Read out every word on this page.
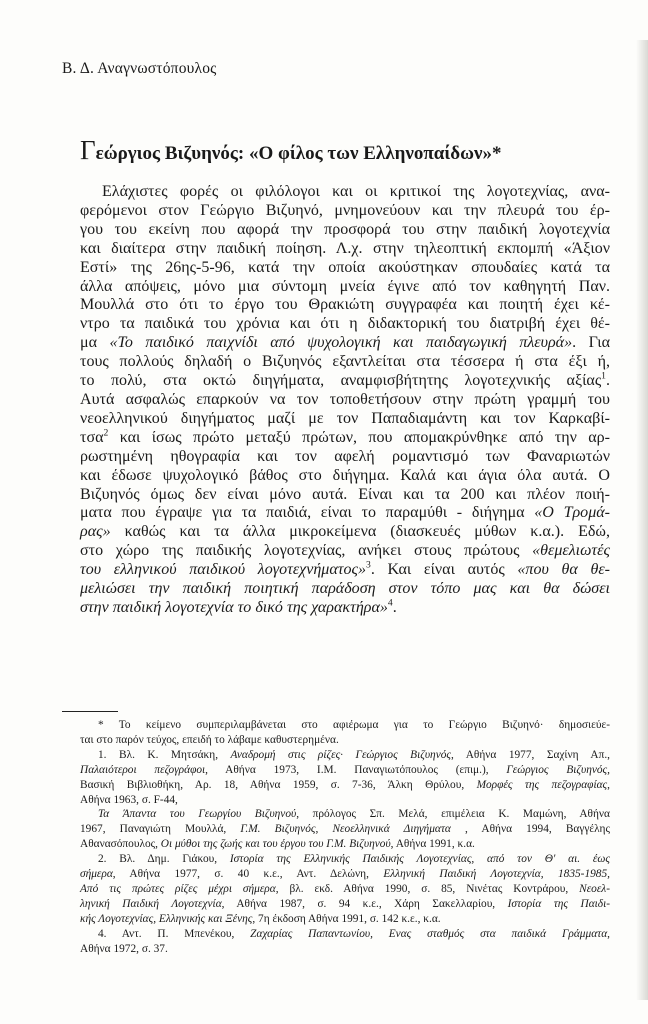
Β. Δ. Αναγνωστόπουλος
Γεώργιος Βιζυηνός: «Ο φίλος των Ελληνοπαίδων»*
Ελάχιστες φορές οι φιλόλογοι και οι κριτικοί της λογοτεχνίας, ανα-
φερόμενοι στον Γεώργιο Βιζυηνό, μνημονεύουν και την πλευρά του έρ-
γου του εκείνη που αφορά την προσφορά του στην παιδική λογοτεχνία
και διαίτερα στην παιδική ποίηση. Λ.χ. στην τηλεοπτική εκπομπή «Άξιον
Εστί» της 26ης-5-96, κατά την οποία ακούστηκαν σπουδαίες κατά τα
άλλα απόψεις, μόνο μια σύντομη μνεία έγινε από τον καθηγητή Παν.
Μουλλά στο ότι το έργο του Θρακιώτη συγγραφέα και ποιητή έχει κέ-
ντρο τα παιδικά του χρόνια και ότι η διδακτορική του διατριβή έχει θέ-
μα «Το παιδικό παιχνίδι από ψυχολογική και παιδαγωγική πλευρά». Για
τους πολλούς δηλαδή ο Βιζυηνός εξαντλείται στα τέσσερα ή στα έξι ή,
το πολύ, στα οκτώ διηγήματα, αναμφισβήτητης λογοτεχνικής αξίας$^1$.
Αυτά ασφαλώς επαρκούν να τον τοποθετήσουν στην πρώτη γραμμή του
νεοελληνικού διηγήματος μαζί με τον Παπαδιαμάντη και τον Καρκαβί-
τσα$^2$ και ίσως πρώτο μεταξύ πρώτων, που απομακρύνθηκε από την αρ-
ρωστημένη ηθογραφία και τον αφελή ρομαντισμό των Φαναριωτών
και έδωσε ψυχολογικό βάθος στο διήγημα. Καλά και άγια όλα αυτά. Ο
Βιζυηνός όμως δεν είναι μόνο αυτά. Είναι και τα 200 και πλέον ποιή-
ματα που έγραψε για τα παιδιά, είναι το παραμύθι - διήγημα «Ο Τρομά-
ρας» καθώς και τα άλλα μικροκείμενα (διασκευές μύθων κ.α.). Εδώ,
στο χώρο της παιδικής λογοτεχνίας, ανήκει στους πρώτους «θεμελιωτές
του ελληνικού παιδικού λογοτεχνήματος»$^3$. Και είναι αυτός «που θα θε-
μελιώσει την παιδική ποιητική παράδοση στον τόπο μας και θα δώσει
στην παιδική λογοτεχνία το δικό της χαρακτήρα»$^4$.
* Το κείμενο συμπεριλαμβάνεται στο αφιέρωμα για το Γεώργιο Βιζυηνό· δημοσιεύε-
ται στο παρόν τεύχος, επειδή το λάβαμε καθυστερημένα.
1. Βλ. Κ. Μητσάκη, Αναδρομή στις ρίζες· Γεώργιος Βιζυηνός, Αθήνα 1977, Σαχίνη Απ.,
Παλαιότεροι πεζογράφοι, Αθήνα 1973, Ι.Μ. Παναγιωτόπουλος (επιμ.), Γεώργιος Βιζυηνός,
Βασική Βιβλιοθήκη, Αρ. 18, Αθήνα 1959, σ. 7-36, Άλκη Θρύλου, Μορφές της πεζογραφίας,
Αθήνα 1963, σ. F-44,
Τα Άπαντα του Γεωργίου Βιζυηνού, πρόλογος Σπ. Μελά, επιμέλεια Κ. Μαμώνη, Αθήνα
1967, Παναγιώτη Μουλλά, Γ.Μ. Βιζυηνός, Νεοελληνικά Διηγήματα , Αθήνα 1994, Βαγγέλης
Αθανασόπουλος, Οι μύθοι της ζωής και του έργου του Γ.Μ. Βιζυηνού, Αθήνα 1991, κ.α.
2. Βλ. Δημ. Γιάκου, Ιστορία της Ελληνικής Παιδικής Λογοτεχνίας, από τον Θ' αι. έως
σήμερα, Αθήνα 1977, σ. 40 κ.ε., Αντ. Δελώνη, Ελληνική Παιδική Λογοτεχνία, 1835-1985,
Από τις πρώτες ρίζες μέχρι σήμερα, βλ. εκδ. Αθήνα 1990, σ. 85, Νινέτας Κοντράρου, Νεοελ-
ληνική Παιδική Λογοτεχνία, Αθήνα 1987, σ. 94 κ.ε., Χάρη Σακελλαρίου, Ιστορία της Παιδι-
κής Λογοτεχνίας, Ελληνικής και Ξένης, 7η έκδοση Αθήνα 1991, σ. 142 κ.ε., κ.α.
4. Αντ. Π. Μπενέκου, Ζαχαρίας Παπαντωνίου, Ενας σταθμός στα παιδικά Γράμματα,
Αθήνα 1972, σ. 37.
